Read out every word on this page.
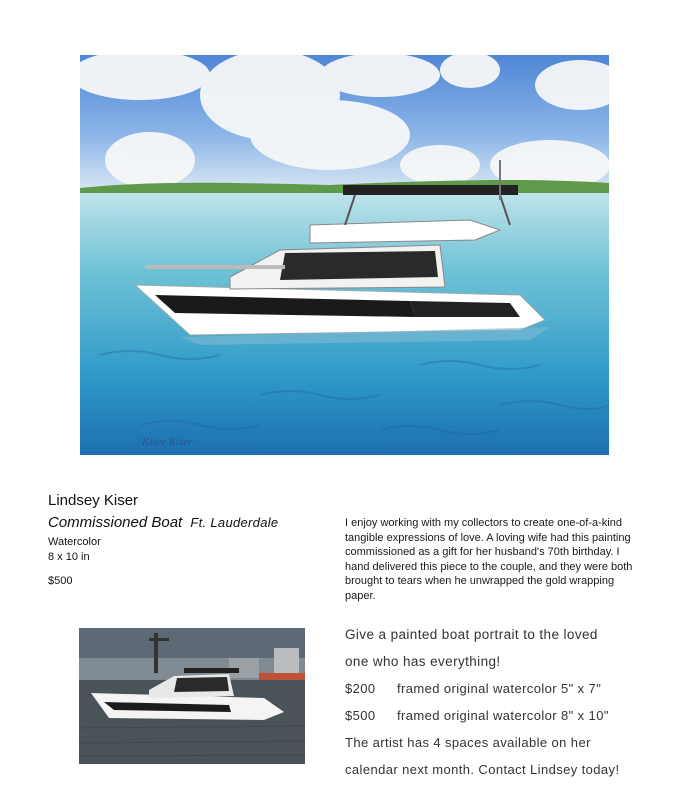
Kiser Kiser
Lindsey Kiser
Commissioned Boat Ft. Lauderdale
Watercolor
8 x 10 in
$500
I enjoy working with my collectors to create one-of-a-kind tangible expressions of love. A loving wife had this painting commissioned as a gift for her husband's 70th birthday. I hand delivered this piece to the couple, and they were both brought to tears when he unwrapped the gold wrapping paper.
Give a painted boat portrait to the loved
one who has everything!
$200 framed original watercolor 5" x 7"
$500 framed original watercolor 8" x 10"
The artist has 4 spaces available on her
calendar next month. Contact Lindsey today!
